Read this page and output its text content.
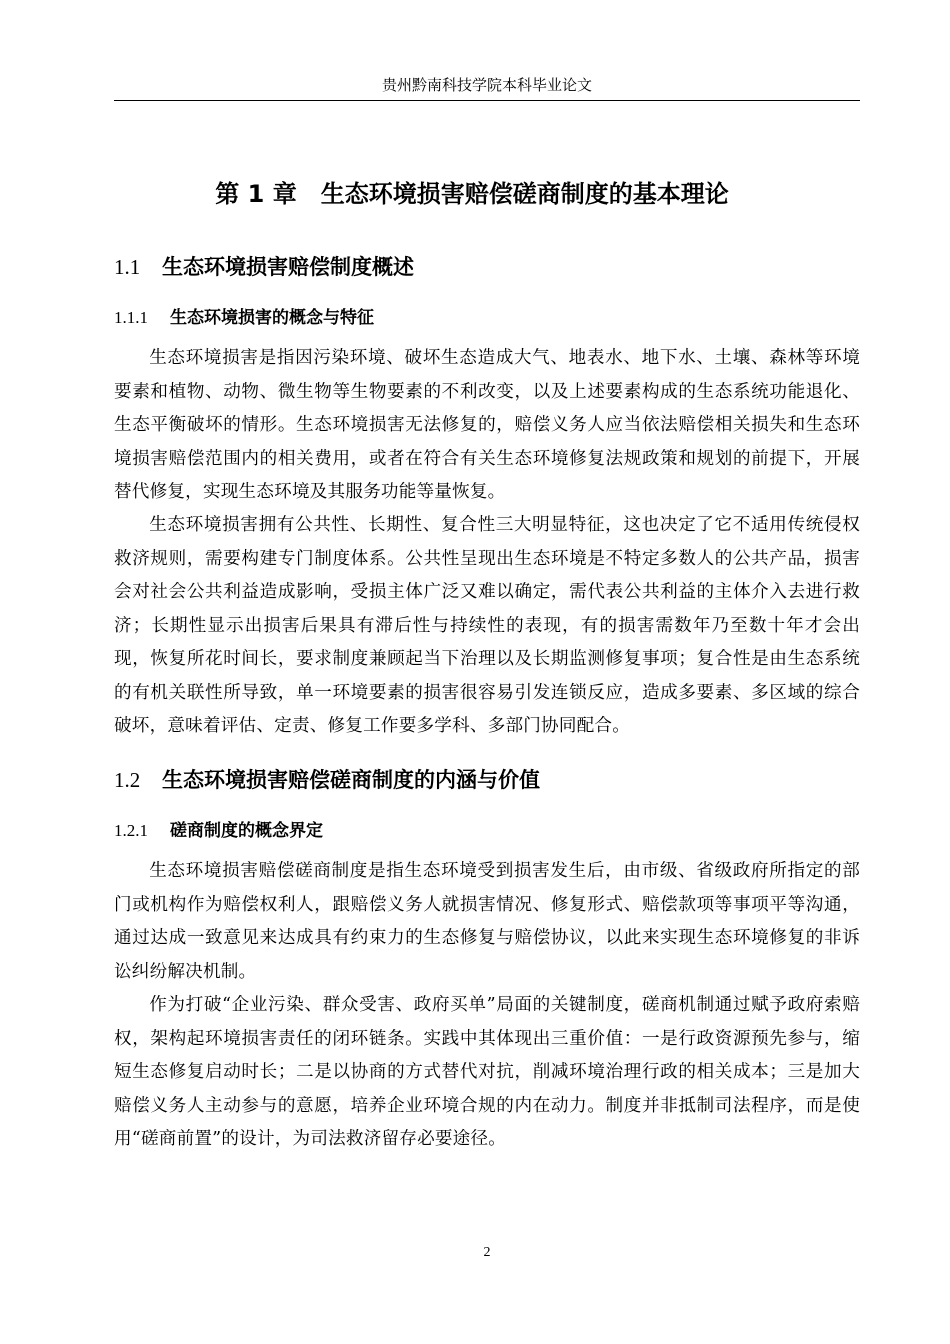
贵州黔南科技学院本科毕业论文
第 1 章　生态环境损害赔偿磋商制度的基本理论
1.1 生态环境损害赔偿制度概述
1.1.1 生态环境损害的概念与特征

生态环境损害是指因污染环境、破坏生态造成大气、地表水、地下水、土壤、森林等环境要素和植物、动物、微生物等生物要素的不利改变，以及上述要素构成的生态系统功能退化、生态平衡破坏的情形。生态环境损害无法修复的，赔偿义务人应当依法赔偿相关损失和生态环境损害赔偿范围内的相关费用，或者在符合有关生态环境修复法规政策和规划的前提下，开展替代修复，实现生态环境及其服务功能等量恢复。

生态环境损害拥有公共性、长期性、复合性三大明显特征，这也决定了它不适用传统侵权救济规则，需要构建专门制度体系。公共性呈现出生态环境是不特定多数人的公共产品，损害会对社会公共利益造成影响，受损主体广泛又难以确定，需代表公共利益的主体介入去进行救济；长期性显示出损害后果具有滞后性与持续性的表现，有的损害需数年乃至数十年才会出现，恢复所花时间长，要求制度兼顾起当下治理以及长期监测修复事项；复合性是由生态系统的有机关联性所导致，单一环境要素的损害很容易引发连锁反应，造成多要素、多区域的综合破坏，意味着评估、定责、修复工作要多学科、多部门协同配合。

1.2 生态环境损害赔偿磋商制度的内涵与价值
1.2.1 磋商制度的概念界定

生态环境损害赔偿磋商制度是指生态环境受到损害发生后，由市级、省级政府所指定的部门或机构作为赔偿权利人，跟赔偿义务人就损害情况、修复形式、赔偿款项等事项平等沟通，通过达成一致意见来达成具有约束力的生态修复与赔偿协议，以此来实现生态环境修复的非诉讼纠纷解决机制。

作为打破“企业污染、群众受害、政府买单”局面的关键制度，磋商机制通过赋予政府索赔权，架构起环境损害责任的闭环链条。实践中其体现出三重价值：一是行政资源预先参与，缩短生态修复启动时长；二是以协商的方式替代对抗，削减环境治理行政的相关成本；三是加大赔偿义务人主动参与的意愿，培养企业环境合规的内在动力。制度并非抵制司法程序，而是使用“磋商前置”的设计，为司法救济留存必要途径。

2
